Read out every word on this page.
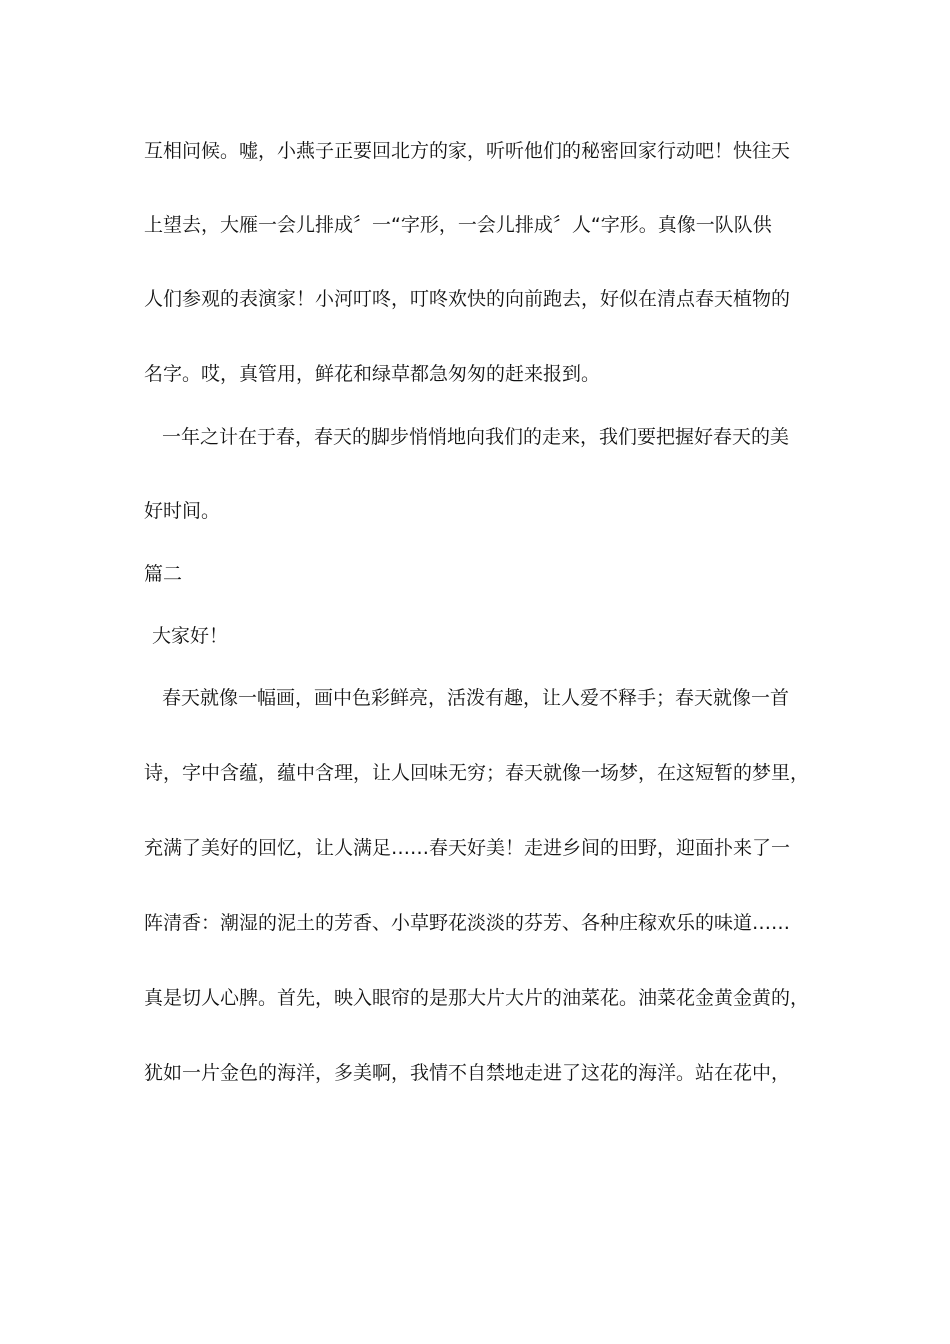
互相问候。嘘，小燕子正要回北方的家，听听他们的秘密回家行动吧！快往天
上望去，大雁一会儿排成〞一“字形，一会儿排成〞人“字形。真像一队队供
人们参观的表演家！小河叮咚，叮咚欢快的向前跑去，好似在清点春天植物的
名字。哎，真管用，鲜花和绿草都急匆匆的赶来报到。
一年之计在于春，春天的脚步悄悄地向我们的走来，我们要把握好春天的美
好时间。
篇二
大家好！
春天就像一幅画，画中色彩鲜亮，活泼有趣，让人爱不释手；春天就像一首
诗，字中含蕴，蕴中含理，让人回味无穷；春天就像一场梦，在这短暂的梦里，
充满了美好的回忆，让人满足……春天好美！走进乡间的田野，迎面扑来了一
阵清香：潮湿的泥土的芳香、小草野花淡淡的芬芳、各种庄稼欢乐的味道……
真是切人心脾。首先，映入眼帘的是那大片大片的油菜花。油菜花金黄金黄的，
犹如一片金色的海洋，多美啊，我情不自禁地走进了这花的海洋。站在花中，
